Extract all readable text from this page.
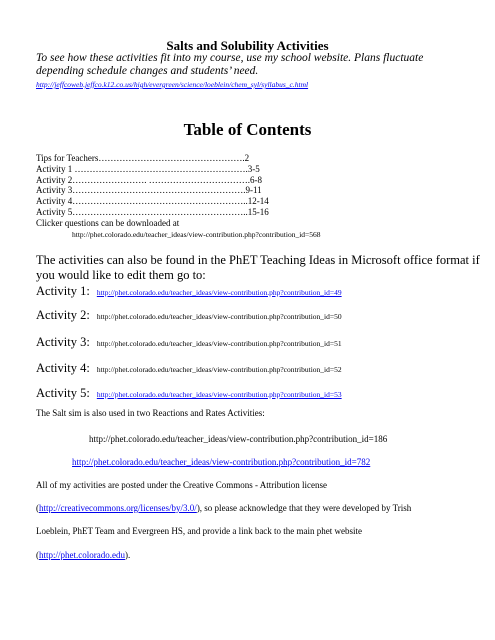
Salts and Solubility Activities
To see how these activities fit into my course, use my school website. Plans fluctuate
depending schedule changes and students’ need.
http://jeffcoweb.jeffco.k12.co.us/high/evergreen/science/loeblein/chem_syl/syllabus_c.html
Table of Contents
Tips for Teachers………………………………………….2
Activity 1 ………………………………………………….3-5
Activity 2……………………. …………………………….6-8
Activity 3………………………………………………….9-11
Activity 4…………………………………………………..12-14
Activity 5…………………………………………………..15-16
Clicker questions can be downloaded at
http://phet.colorado.edu/teacher_ideas/view-contribution.php?contribution_id=568
The activities can also be found in the PhET Teaching Ideas in Microsoft office format if
you would like to edit them go to:
Activity 1: http://phet.colorado.edu/teacher_ideas/view-contribution.php?contribution_id=49
Activity 2: http://phet.colorado.edu/teacher_ideas/view-contribution.php?contribution_id=50
Activity 3: http://phet.colorado.edu/teacher_ideas/view-contribution.php?contribution_id=51
Activity 4: http://phet.colorado.edu/teacher_ideas/view-contribution.php?contribution_id=52
Activity 5: http://phet.colorado.edu/teacher_ideas/view-contribution.php?contribution_id=53
The Salt sim is also used in two Reactions and Rates Activities:
http://phet.colorado.edu/teacher_ideas/view-contribution.php?contribution_id=186
http://phet.colorado.edu/teacher_ideas/view-contribution.php?contribution_id=782
All of my activities are posted under the Creative Commons - Attribution license
(http://creativecommons.org/licenses/by/3.0/), so please acknowledge that they were developed by Trish
Loeblein, PhET Team and Evergreen HS, and provide a link back to the main phet website
(http://phet.colorado.edu).
